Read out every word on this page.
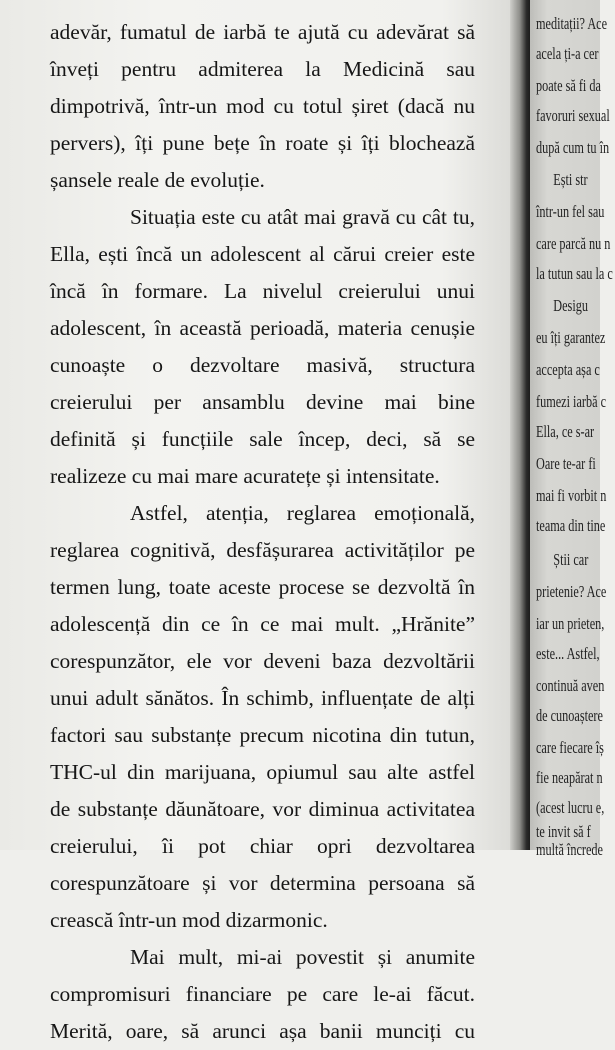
adevăr, fumatul de iarbă te ajută cu adevărat să
înveți pentru admiterea la Medicină sau
dimpotrivă, într-un mod cu totul șiret (dacă nu
pervers), îți pune bețe în roate și îți blochează
șansele reale de evoluție.
Situația este cu atât mai gravă cu cât tu,
Ella, ești încă un adolescent al cărui creier este
încă în formare. La nivelul creierului unui
adolescent, în această perioadă, materia cenușie
cunoaște o dezvoltare masivă, structura
creierului per ansamblu devine mai bine
definită și funcțiile sale încep, deci, să se
realizeze cu mai mare acuratețe și intensitate.
Astfel, atenția, reglarea emoțională,
reglarea cognitivă, desfășurarea activităților pe
termen lung, toate aceste procese se dezvoltă în
adolescență din ce în ce mai mult. „Hrănite”
corespunzător, ele vor deveni baza dezvoltării
unui adult sănătos. În schimb, influențate de alți
factori sau substanțe precum nicotina din tutun,
THC-ul din marijuana, opiumul sau alte astfel
de substanțe dăunătoare, vor diminua activitatea
creierului, îi pot chiar opri dezvoltarea
corespunzătoare și vor determina persoana să
crească într-un mod dizarmonic.
Mai mult, mi-ai povestit și anumite
compromisuri financiare pe care le-ai făcut.
Merită, oare, să arunci așa banii munciți cu
meditații? Ace
acela ți-a cer
poate să fi da
favoruri sexual
după cum tu în
Ești str
într-un fel sau
care parcă nu n
la tutun sau la c
Desigu
eu îți garantez
accepta așa c
fumezi iarbă c
Ella, ce s-ar
Oare te-ar fi
mai fi vorbit n
teama din tine
Știi car
prietenie? Ace
iar un prieten,
este... Astfel,
continuă aven
de cunoaștere
care fiecare îș
fie neapărat n
(acest lucru e,
te invit să f
multă încrede
